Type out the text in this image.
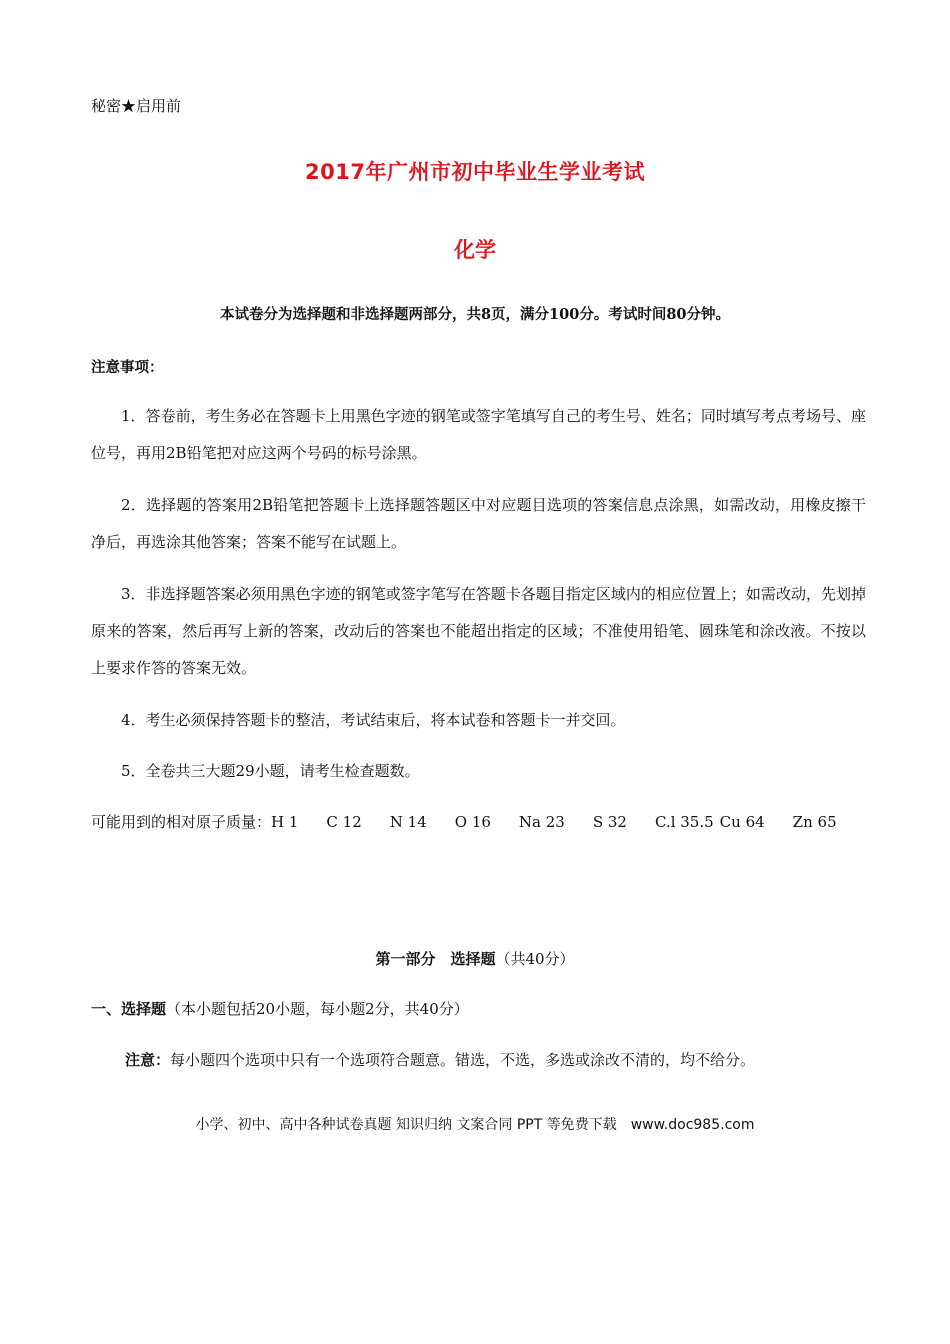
秘密★启用前
2017年广州市初中毕业生学业考试
化学
本试卷分为选择题和非选择题两部分，共8页，满分100分。考试时间80分钟。
注意事项：
1．答卷前，考生务必在答题卡上用黑色字迹的钢笔或签字笔填写自己的考生号、姓名；同时填写考点考场号、座位号，再用2B铅笔把对应这两个号码的标号涂黑。
2．选择题的答案用2B铅笔把答题卡上选择题答题区中对应题目选项的答案信息点涂黑，如需改动，用橡皮擦干净后，再选涂其他答案；答案不能写在试题上。
3．非选择题答案必须用黑色字迹的钢笔或签字笔写在答题卡各题目指定区域内的相应位置上；如需改动，先划掉原来的答案，然后再写上新的答案，改动后的答案也不能超出指定的区域；不准使用铅笔、圆珠笔和涂改液。不按以上要求作答的答案无效。
4．考生必须保持答题卡的整洁，考试结束后，将本试卷和答题卡一并交回。
5．全卷共三大题29小题，请考生检查题数。
可能用到的相对原子质量：H 1 C 12 N 14 O 16 Na 23 S 32 C.l 35.5 Cu 64 Zn 65
第一部分　选择题（共40分）
一、选择题（本小题包括20小题，每小题2分，共40分）
注意：每小题四个选项中只有一个选项符合题意。错选，不选，多选或涂改不清的，均不给分。
小学、初中、高中各种试卷真题 知识归纳 文案合同 PPT 等免费下载　www.doc985.com
